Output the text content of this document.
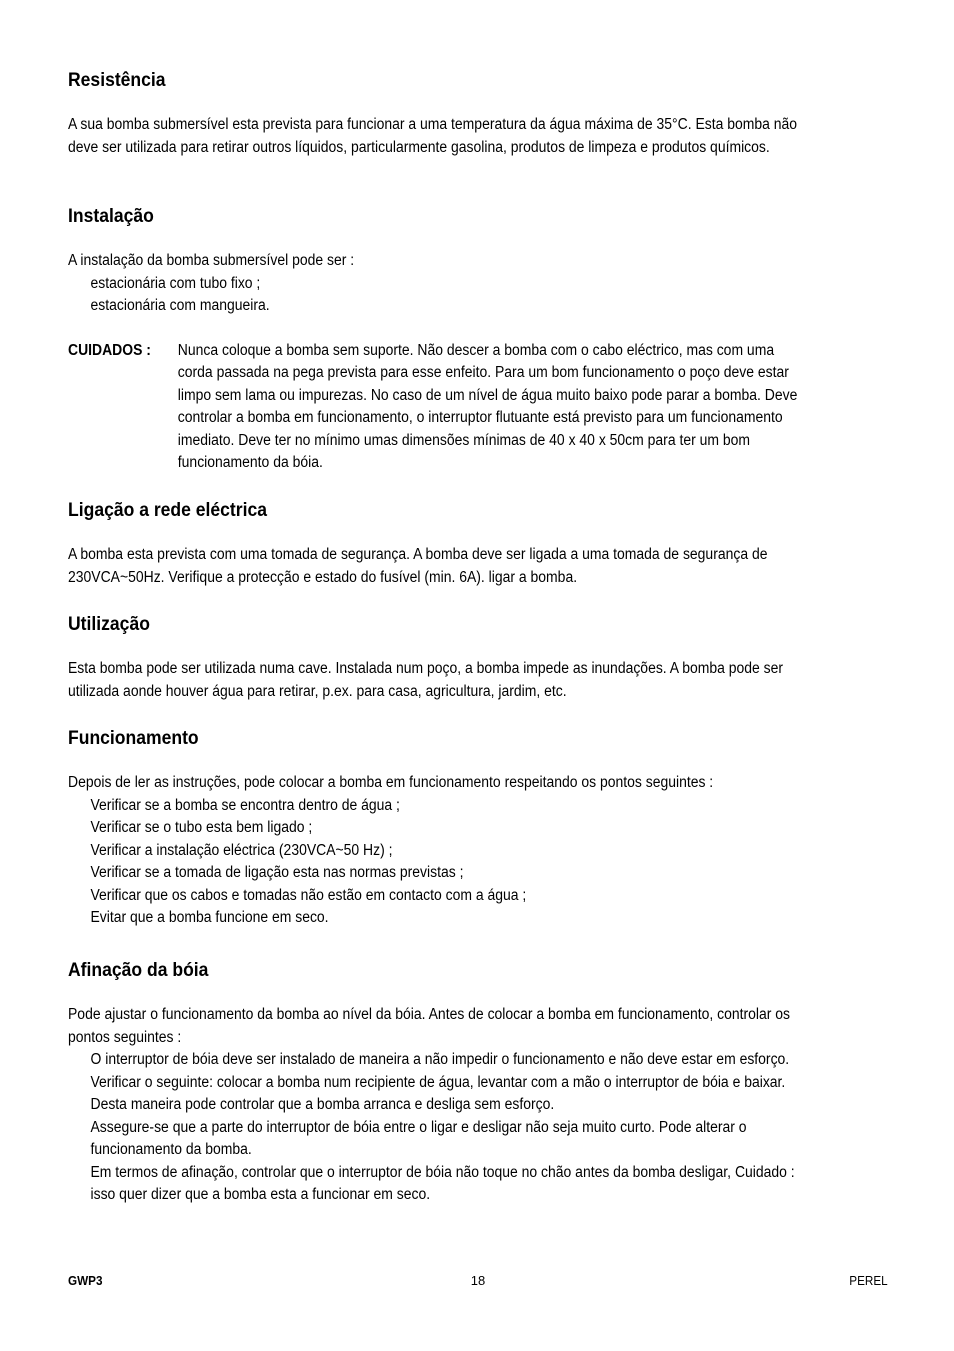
Resistência

A sua bomba submersível esta prevista para funcionar a uma temperatura da água máxima de 35°C. Esta bomba não deve ser utilizada para retirar outros líquidos, particularmente gasolina, produtos de limpeza e produtos químicos.

Instalação

A instalação da bomba submersível pode ser :

estacionária com tubo fixo ;

estacionária com mangueira.

CUIDADOS :	Nunca coloque a bomba sem suporte. Não descer a bomba com o cabo eléctrico, mas com uma corda passada na pega prevista para esse enfeito. Para um bom funcionamento o poço deve estar limpo sem lama ou impurezas. No caso de um nível de água muito baixo pode parar a bomba. Deve controlar a bomba em funcionamento, o interruptor flutuante está previsto para um funcionamento imediato. Deve ter no mínimo umas dimensões mínimas de 40 x 40 x 50cm para ter um bom funcionamento da bóia.

Ligação a rede eléctrica

A bomba esta prevista com uma tomada de segurança. A bomba deve ser ligada a uma tomada de segurança de 230VCA~50Hz. Verifique a protecção e estado do fusível (min. 6A). ligar a bomba.

Utilização

Esta bomba pode ser utilizada numa cave. Instalada num poço, a bomba impede as inundações. A bomba pode ser utilizada aonde houver água para retirar, p.ex. para casa, agricultura, jardim, etc.

Funcionamento

Depois de ler as instruções, pode colocar a bomba em funcionamento respeitando os pontos seguintes :

Verificar se a bomba se encontra dentro de água ;

Verificar se o tubo esta bem ligado ;

Verificar a instalação eléctrica (230VCA~50 Hz) ;

Verificar se a tomada de ligação esta nas normas previstas ;

Verificar que os cabos e tomadas não estão em contacto com a água ;

Evitar que a bomba funcione em seco.

Afinação da bóia

Pode ajustar o funcionamento da bomba ao nível da bóia. Antes de colocar a bomba em funcionamento, controlar os pontos seguintes :

O interruptor de bóia deve ser instalado de maneira a não impedir o funcionamento e não deve estar em esforço.

Verificar o seguinte: colocar a bomba num recipiente de água, levantar com a mão o interruptor de bóia e baixar. Desta maneira pode controlar que a bomba arranca e desliga sem esforço.

Assegure-se que a parte do interruptor de bóia entre o ligar e desligar não seja muito curto. Pode alterar o funcionamento da bomba.

Em termos de afinação, controlar que o interruptor de bóia não toque no chão antes da bomba desligar, Cuidado : isso quer dizer que a bomba esta a funcionar em seco.

GWP3	18	PEREL
